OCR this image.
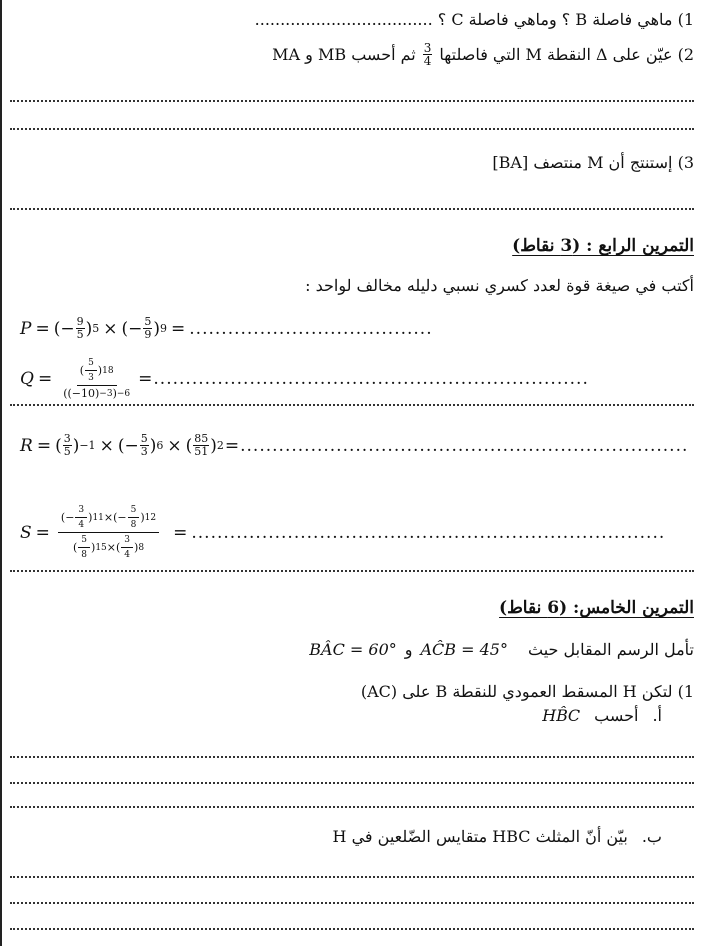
1) ماهي فاصلة B ؟ وماهي فاصلة C ؟ ...................................
2) عيّن على Δ النقطة M التي فاصلتها
$\frac{3}{4}$
ثم أحسب MB و MA
3) إستنتج أن M منتصف [BA]
التمرين الرابع : (3 نقاط)
أكتب في صيغة قوة لعدد كسري نسبي دليله مخالف لواحد :
P = (− $\frac{9}{5}$ ) 5 × (− $\frac{5}{9}$ ) 9 = ......................................
$Q = \frac{( \frac{5}{3} ) 18}{((-10) -3 ) -6}$ = ....................................................................
R = ( $\frac{3}{5}$ ) −1 × (− $\frac{5}{3}$ ) 6 × ( $\frac{85}{51}$ ) 2 = ......................................................................
$S = \frac{(- \frac{3}{4} ) 11 \times(- \frac{5}{8} ) 12}{( \frac{5}{8} ) 15 \times( \frac{3}{4} ) 8}$ = ..........................................................................
التمرين الخامس: (6 نقاط)
BÂC = 60° و AĈB = 45° تأمل الرسم المقابل حيث
1) لتكن H المسقط العمودي للنقطة B على (AC)
أ.
أحسب
HB̂C
ب.
بيّن أنّ المثلث HBC متقايس الضّلعين في H
